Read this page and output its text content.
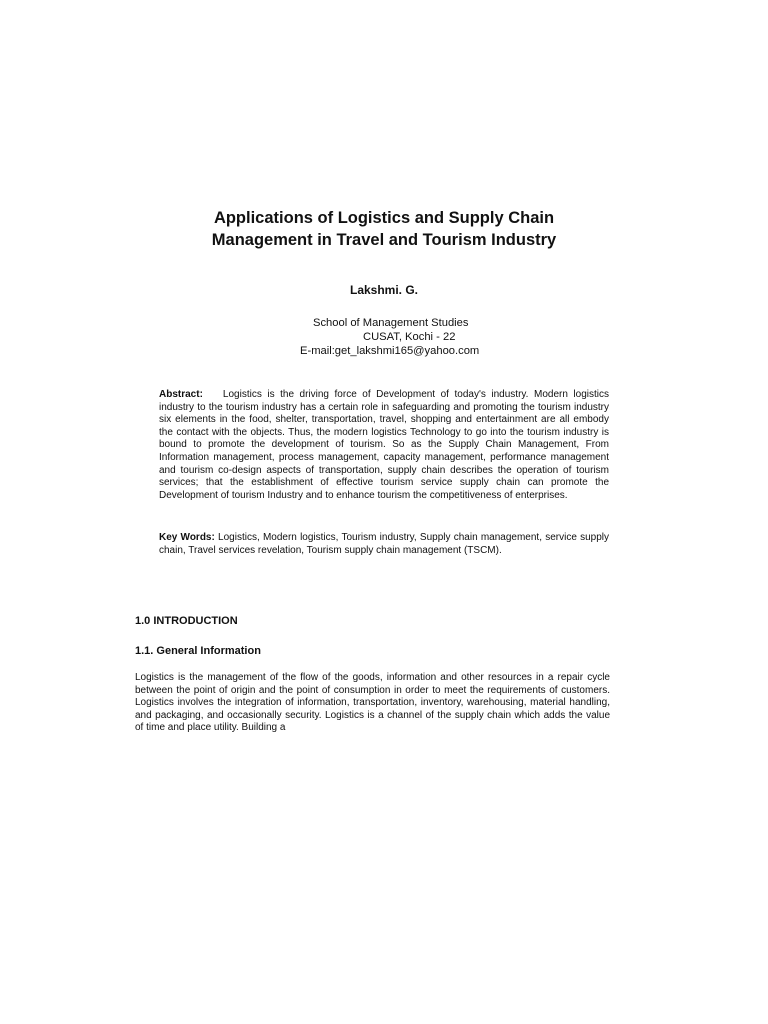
Applications of Logistics and Supply Chain
Management in Travel and Tourism Industry
Lakshmi. G.
School of Management Studies
CUSAT, Kochi - 22
E-mail:get_lakshmi165@yahoo.com
Abstract: Logistics is the driving force of Development of today's industry. Modern logistics industry to the tourism industry has a certain role in safeguarding and promoting the tourism industry six elements in the food, shelter, transportation, travel, shopping and entertainment are all embody the contact with the objects. Thus, the modern logistics Technology to go into the tourism industry is bound to promote the development of tourism. So as the Supply Chain Management, From Information management, process management, capacity management, performance management and tourism co-design aspects of transportation, supply chain describes the operation of tourism services; that the establishment of effective tourism service supply chain can promote the Development of tourism Industry and to enhance tourism the competitiveness of enterprises.
Key Words: Logistics, Modern logistics, Tourism industry, Supply chain management, service supply chain, Travel services revelation, Tourism supply chain management (TSCM).
1.0 INTRODUCTION
1.1. General Information
Logistics is the management of the flow of the goods, information and other resources in a repair cycle between the point of origin and the point of consumption in order to meet the requirements of customers. Logistics involves the integration of information, transportation, inventory, warehousing, material handling, and packaging, and occasionally security. Logistics is a channel of the supply chain which adds the value of time and place utility. Building a
